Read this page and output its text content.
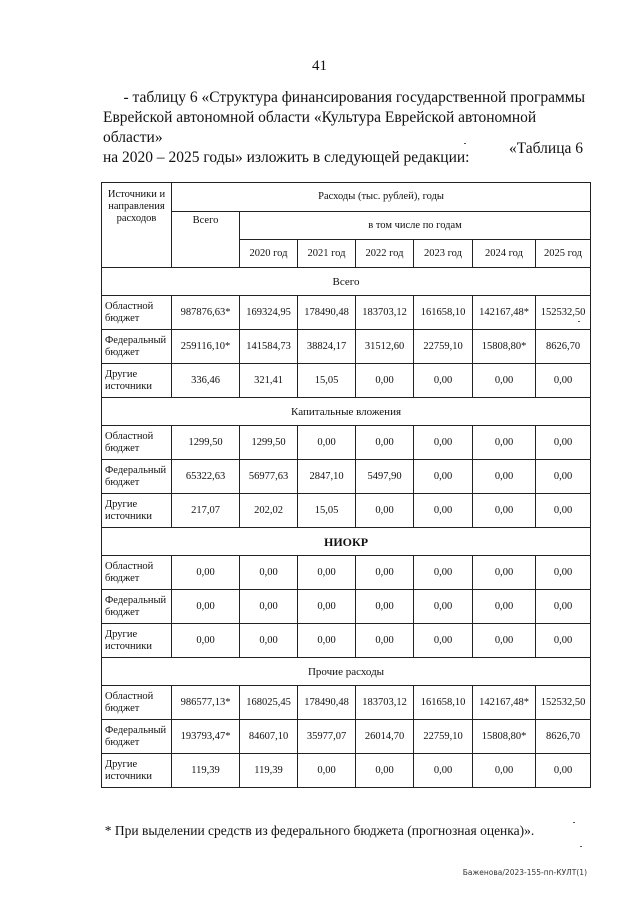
41

- таблицу 6 «Структура финансирования государственной программы

Еврейской автономной области «Культура Еврейской автономной области»

на 2020 – 2025 годы» изложить в следующей редакции:

«Таблица 6
Источники и направления расходов	Расходы (тыс. рублей), годы						
	Всего	в том числе по годам					
		2020 год	2021 год	2022 год	2023 год	2024 год	2025 год
Всего							
Областной бюджет	987876,63*	169324,95	178490,48	183703,12	161658,10	142167,48*	152532,50
Федеральный бюджет	259116,10*	141584,73	38824,17	31512,60	22759,10	15808,80*	8626,70
Другие источники	336,46	321,41	15,05	0,00	0,00	0,00	0,00
Капитальные вложения							
Областной бюджет	1299,50	1299,50	0,00	0,00	0,00	0,00	0,00
Федеральный бюджет	65322,63	56977,63	2847,10	5497,90	0,00	0,00	0,00
Другие источники	217,07	202,02	15,05	0,00	0,00	0,00	0,00
НИОКР							
Областной бюджет	0,00	0,00	0,00	0,00	0,00	0,00	0,00
Федеральный бюджет	0,00	0,00	0,00	0,00	0,00	0,00	0,00
Другие источники	0,00	0,00	0,00	0,00	0,00	0,00	0,00
Прочие расходы							
Областной бюджет	986577,13*	168025,45	178490,48	183703,12	161658,10	142167,48*	152532,50
Федеральный бюджет	193793,47*	84607,10	35977,07	26014,70	22759,10	15808,80*	8626,70
Другие источники	119,39	119,39	0,00	0,00	0,00	0,00	0,00
* При выделении средств из федерального бюджета (прогнозная оценка)».
Баженова/2023-155-пп-КУЛТ(1)
